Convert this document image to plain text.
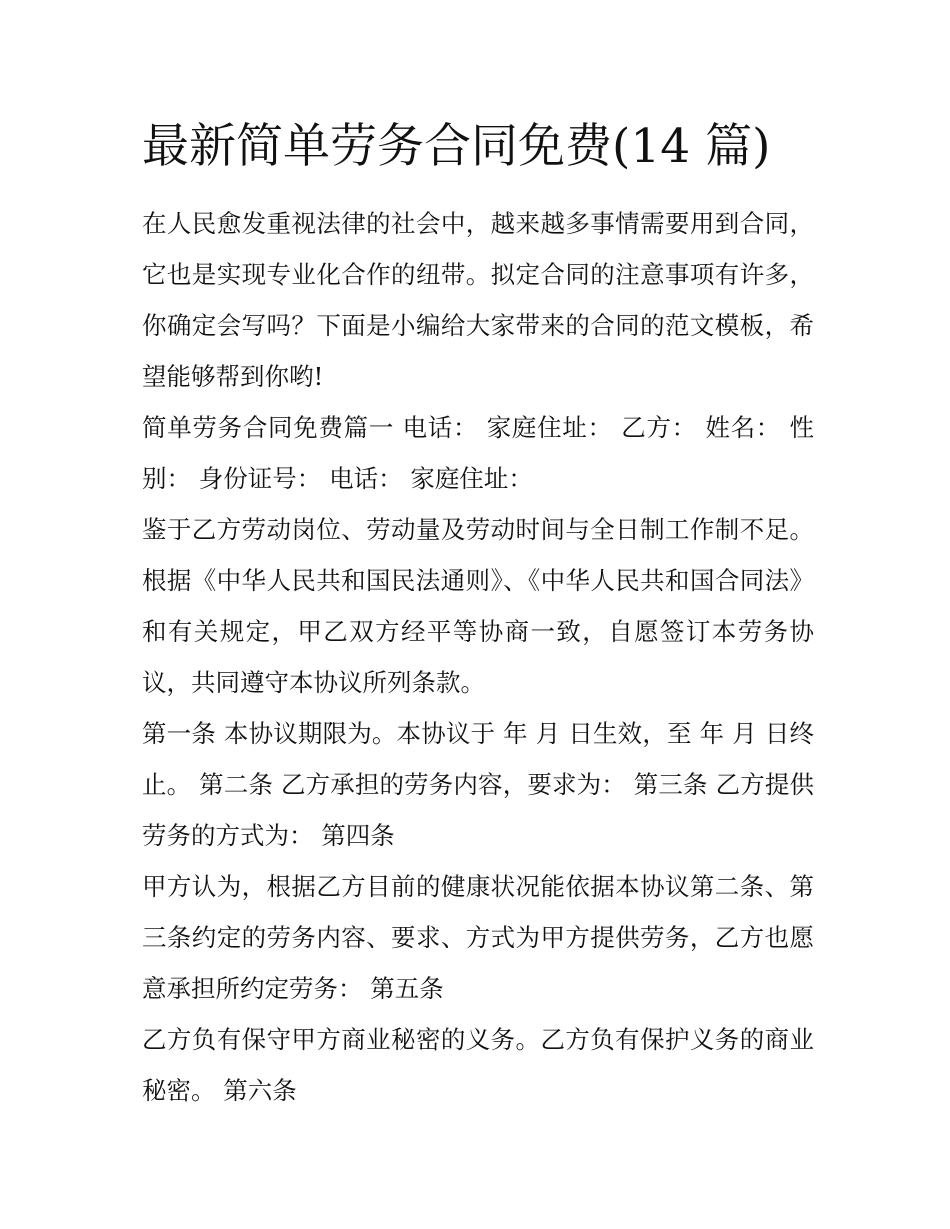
最新简单劳务合同免费(14 篇)

在人民愈发重视法律的社会中，越来越多事情需要用到合同，它也是实现专业化合作的纽带。拟定合同的注意事项有许多，你确定会写吗？下面是小编给大家带来的合同的范文模板，希望能够帮到你哟!

简单劳务合同免费篇一 电话： 家庭住址： 乙方： 姓名： 性别： 身份证号： 电话： 家庭住址：

鉴于乙方劳动岗位、劳动量及劳动时间与全日制工作制不足。根据《中华人民共和国民法通则》、《中华人民共和国合同法》和有关规定，甲乙双方经平等协商一致，自愿签订本劳务协议，共同遵守本协议所列条款。

第一条 本协议期限为。本协议于 年 月 日生效，至 年 月 日终止。 第二条 乙方承担的劳务内容，要求为： 第三条 乙方提供劳务的方式为： 第四条

甲方认为，根据乙方目前的健康状况能依据本协议第二条、第三条约定的劳务内容、要求、方式为甲方提供劳务，乙方也愿意承担所约定劳务： 第五条

乙方负有保守甲方商业秘密的义务。乙方负有保护义务的商业秘密。 第六条
